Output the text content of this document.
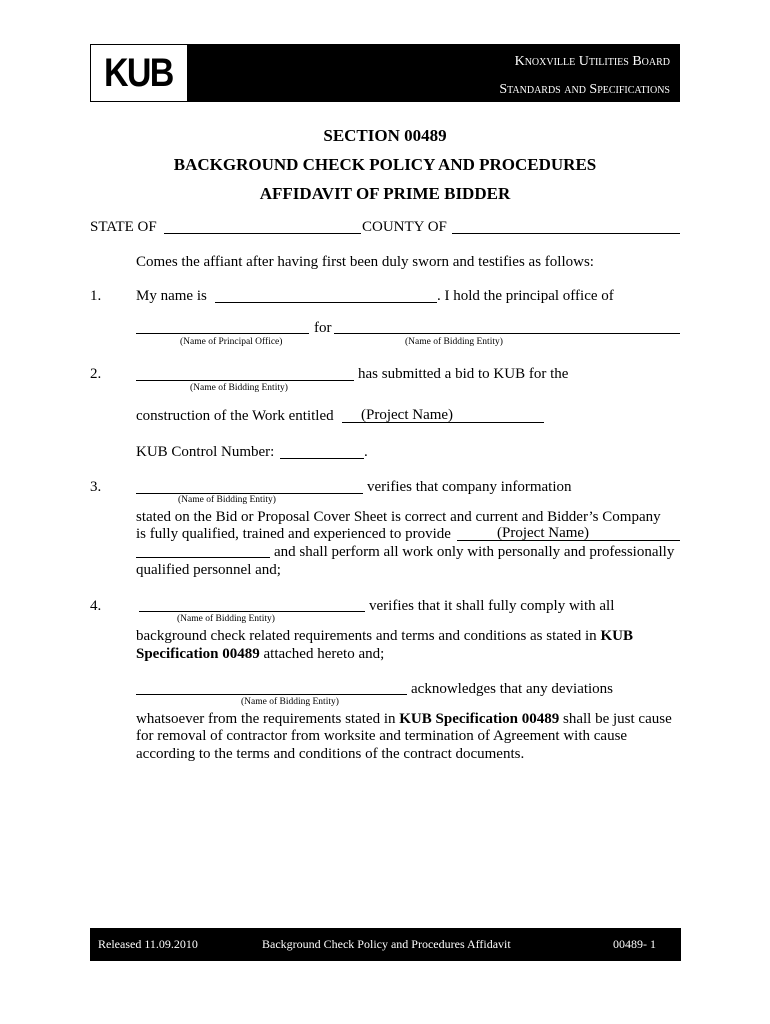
KUB	Knoxville Utilities Board
Standards and Specifications
SECTION 00489
BACKGROUND CHECK POLICY AND PROCEDURES
AFFIDAVIT OF PRIME BIDDER
STATE OF	COUNTY OF
Comes the affiant after having first been duly sworn and testifies as follows:
1. My name is	. I hold the principal office of
for
(Name of Principal Office)	(Name of Bidding Entity)
2.	has submitted a bid to KUB for the
(Name of Bidding Entity)
construction of the Work entitled (Project Name)
KUB Control Number:	.
3.	verifies that company information
(Name of Bidding Entity)
stated on the Bid or Proposal Cover Sheet is correct and current and Bidder’s Company
is fully qualified, trained and experienced to provide	(Project Name)
and shall perform all work only with personally and professionally
qualified personnel and;
4.	verifies that it shall fully comply with all
(Name of Bidding Entity)
background check related requirements and terms and conditions as stated in KUB
Specification 00489 attached hereto and;
acknowledges that any deviations
(Name of Bidding Entity)
whatsoever from the requirements stated in KUB Specification 00489 shall be just cause
for removal of contractor from worksite and termination of Agreement with cause
according to the terms and conditions of the contract documents.
Released 11.09.2010	Background Check Policy and Procedures Affidavit	00489- 1
